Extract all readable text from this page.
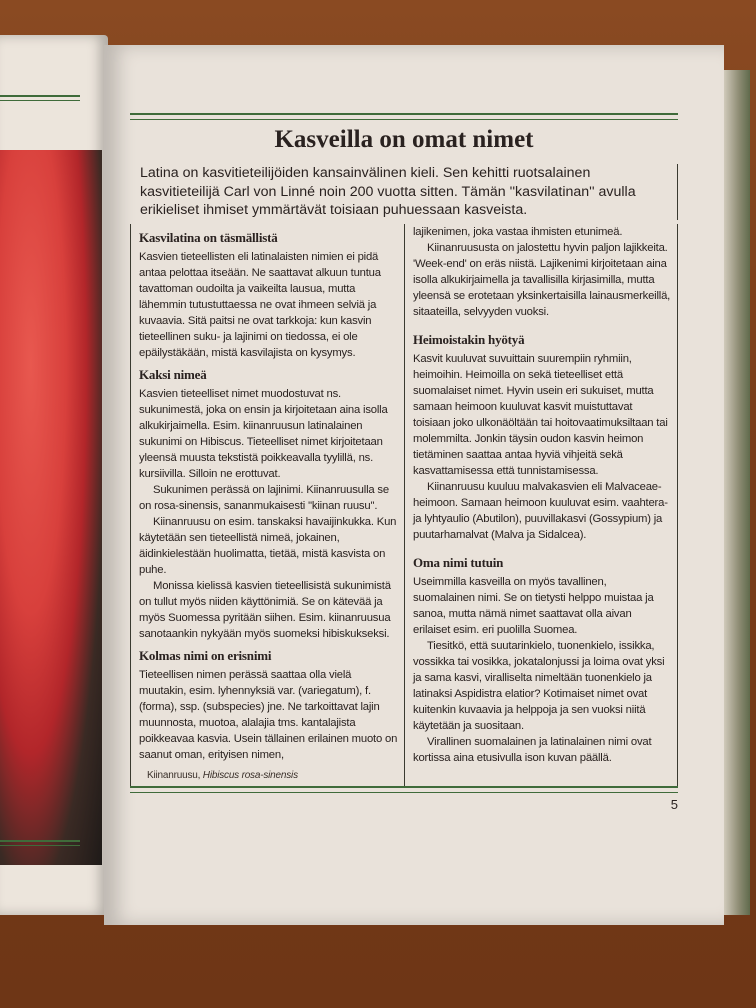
Kasveilla on omat nimet

Latina on kasvitieteilijöiden kansainvälinen kieli. Sen kehitti ruotsalainen kasvitieteilijä Carl von Linné noin 200 vuotta sitten. Tämän ''kasvilatinan'' avulla erikieliset ihmiset ymmärtävät toisiaan puhuessaan kasveista.

Kasvilatina on täsmällistä

Kasvien tieteellisten eli latinalaisten nimien ei pidä antaa pelottaa itseään. Ne saattavat alkuun tuntua tavattoman oudoilta ja vaikeilta lausua, mutta lähemmin tutustuttaessa ne ovat ihmeen selviä ja kuvaavia. Sitä paitsi ne ovat tarkkoja: kun kasvin tieteellinen suku- ja lajinimi on tiedossa, ei ole epäilystäkään, mistä kasvilajista on kysymys.

Kaksi nimeä

Kasvien tieteelliset nimet muodostuvat ns. sukunimestä, joka on ensin ja kirjoitetaan aina isolla alkukirjaimella. Esim. kiinanruusun latinalainen sukunimi on Hibiscus. Tieteelliset nimet kirjoitetaan yleensä muusta tekstistä poikkeavalla tyylillä, ns. kursiivilla. Silloin ne erottuvat.

Sukunimen perässä on lajinimi. Kiinanruusulla se on rosa-sinensis, sananmukaisesti ''kiinan ruusu''.

Kiinanruusu on esim. tanskaksi havaijinkukka. Kun käytetään sen tieteellistä nimeä, jokainen, äidinkielestään huolimatta, tietää, mistä kasvista on puhe.

Monissa kielissä kasvien tieteellisistä sukunimistä on tullut myös niiden käyttönimiä. Se on kätevää ja myös Suomessa pyritään siihen. Esim. kiinanruusua sanotaankin nykyään myös suomeksi hibiskukseksi.

Kolmas nimi on erisnimi

Tieteellisen nimen perässä saattaa olla vielä muutakin, esim. lyhennyksiä var. (variegatum), f. (forma), ssp. (subspecies) jne. Ne tarkoittavat lajin muunnosta, muotoa, alalajia tms. kantalajista poikkeavaa kasvia. Usein tällainen erilainen muoto on saanut oman, erityisen nimen,

Kiinanruusu, Hibiscus rosa-sinensis

lajikenimen, joka vastaa ihmisten etunimeä.

Kiinanruusustа on jalostettu hyvin paljon lajikkeita. 'Week-end' on eräs niistä. Lajikenimi kirjoitetaan aina isolla alkukirjaimella ja tavallisilla kirjasimilla, mutta yleensä se erotetaan yksinkertaisilla lainausmerkeillä, sitaateilla, selvyyden vuoksi.

Heimoistakin hyötyä

Kasvit kuuluvat suvuittain suurempiin ryhmiin, heimoihin. Heimoilla on sekä tieteelliset että suomalaiset nimet. Hyvin usein eri sukuiset, mutta samaan heimoon kuuluvat kasvit muistuttavat toisiaan joko ulkonäöltään tai hoitovaatimuksiltaan tai molemmilta. Jonkin täysin oudon kasvin heimon tietäminen saattaa antaa hyviä vihjeitä sekä kasvattamisessa että tunnistamisessa.

Kiinanruusu kuuluu malvakasvien eli Malvaceae-heimoon. Samaan heimoon kuuluvat esim. vaahtera- ja lyhtyaulio (Abutilon), puuvillakasvi (Gossypium) ja puutarhamalvat (Malva ja Sidalcea).

Oma nimi tutuin

Useimmilla kasveilla on myös tavallinen, suomalainen nimi. Se on tietysti helppo muistaa ja sanoa, mutta nämä nimet saattavat olla aivan erilaiset esim. eri puolilla Suomea.

Tiesitkö, että suutarinkielo, tuonenkielo, issikka, vossikka tai vosikka, jokatalonjussi ja loima ovat yksi ja sama kasvi, viralliselta nimeltään tuonenkielo ja latinaksi Aspidistra elatior? Kotimaiset nimet ovat kuitenkin kuvaavia ja helppoja ja sen vuoksi niitä käytetään ja suositaan.

Virallinen suomalainen ja latinalainen nimi ovat kortissa aina etusivulla ison kuvan päällä.

5
